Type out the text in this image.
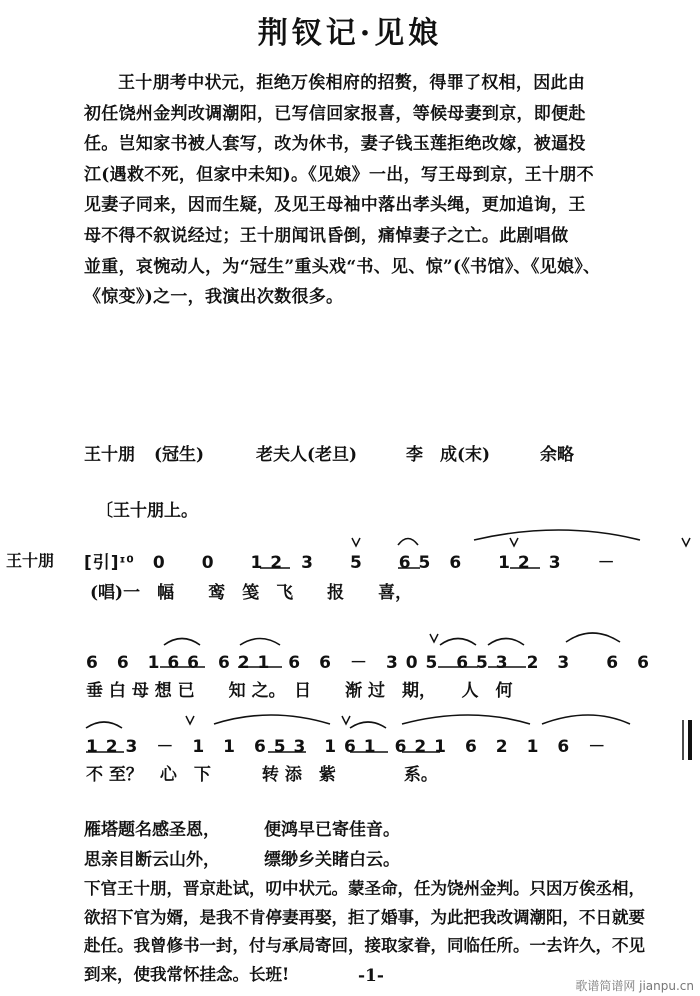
荆钗记·见娘
王十朋考中状元，拒绝万俟相府的招赘，得罪了权相，因此由
初任饶州金判改调潮阳，已写信回家报喜，等候母妻到京，即便赴
任。岂知家书被人套写，改为休书，妻子钱玉莲拒绝改嫁，被逼投
江(遇救不死，但家中未知)。《见娘》一出，写王母到京，王十朋不
见妻子同来，因而生疑，及见王母袖中落出孝头绳，更加追询，王
母不得不叙说经过；王十朋闻讯昏倒，痛悼妻子之亡。此剧唱做
並重，哀惋动人，为“冠生”重头戏“书、见、惊”(《书馆》、《见娘》、
《惊变》)之一，我演出次数很多。
王十朋 (冠生)	老夫人(老旦)	李　成(末)	余略
〔王十朋上。
王十朋 [引]ᶦ⁰　0　　0　　1 2　3　　5　　6 5　6　　1 2　3　　－
(唱)一　幅　　鸾　笺　飞　　报　　喜，
6　6　1 6 6　6 2 1　6　6　－　3 0 5　6 5 3　2　3　　6　6
垂 白 母 想 已　　知 之。　日　　渐 过　期，　　人　何
1 2 3　－　1　1　6 5 3　1 6 1　6 2 1　6　2　1　6　－
不 至？　心　下　　　转 添　紫　　　　系。
雁塔题名感圣恩，	便鸿早已寄佳音。
思亲目断云山外，	缥缈乡关睹白云。
下官王十朋，晋京赴试，叨中状元。蒙圣命，任为饶州金判。只因万俟丞相，
欲招下官为婿，是我不肯停妻再娶，拒了婚事，为此把我改调潮阳，不日就要
赴任。我曾修书一封，付与承局寄回，接取家眷，同临任所。一去许久，不见
到来，使我常怀挂念。长班!	-1-	歌谱简谱网 jianpu.cn
